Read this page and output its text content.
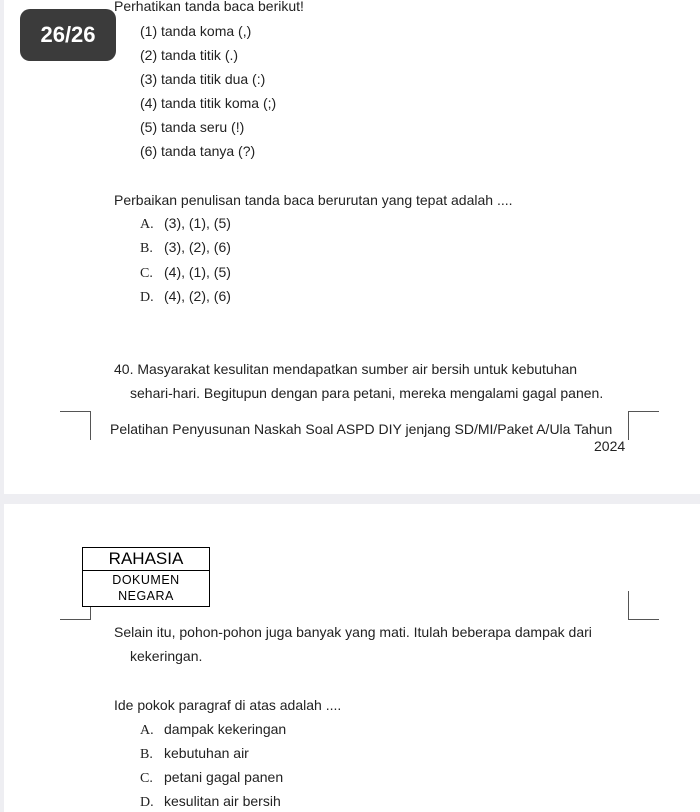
Perhatikan tanda baca berikut!
26/26	(1) tanda koma (,)
(2) tanda titik (.)
(3) tanda titik dua (:)
(4) tanda titik koma (;)
(5) tanda seru (!)
(6) tanda tanya (?)
Perbaikan penulisan tanda baca berurutan yang tepat adalah ....
A. (3), (1), (5)
B. (3), (2), (6)
C. (4), (1), (5)
D. (4), (2), (6)
40. Masyarakat kesulitan mendapatkan sumber air bersih untuk kebutuhan
sehari-hari. Begitupun dengan para petani, mereka mengalami gagal panen.
Pelatihan Penyusunan Naskah Soal ASPD DIY jenjang SD/MI/Paket A/Ula Tahun
2024
RAHASIA
DOKUMEN
NEGARA
Selain itu, pohon-pohon juga banyak yang mati. Itulah beberapa dampak dari
kekeringan.
Ide pokok paragraf di atas adalah ....
A. dampak kekeringan
B. kebutuhan air
C. petani gagal panen
D. kesulitan air bersih
